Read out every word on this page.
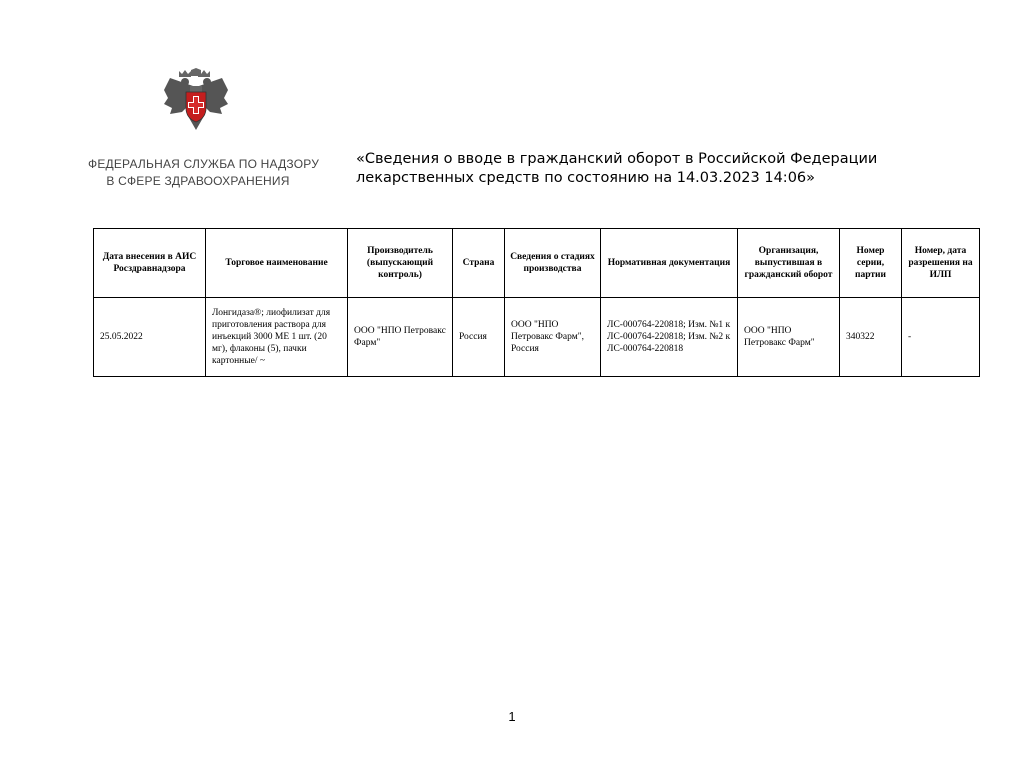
ФЕДЕРАЛЬНАЯ СЛУЖБА ПО НАДЗОРУ
В СФЕРЕ ЗДРАВООХРАНЕНИЯ
«Сведения о вводе в гражданский оборот в Российской Федерации
лекарственных средств по состоянию на 14.03.2023 14:06»
Дата внесения в АИС Росздравнадзора	Торговое наименование	Производитель (выпускающий контроль)	Страна	Сведения о стадиях производства	Нормативная документация	Организация, выпустившая в гражданский оборот	Номер серии, партии	Номер, дата разрешения на ИЛП
25.05.2022	Лонгидаза®; лиофилизат для приготовления раствора для инъекций 3000 МЕ 1 шт. (20 мг), флаконы (5), пачки картонные/ ~	ООО "НПО Петровакс Фарм"	Россия	ООО "НПО Петровакс Фарм", Россия	ЛС-000764-220818; Изм. №1 к ЛС-000764-220818; Изм. №2 к ЛС-000764-220818	ООО "НПО Петровакс Фарм"	340322	-
1
